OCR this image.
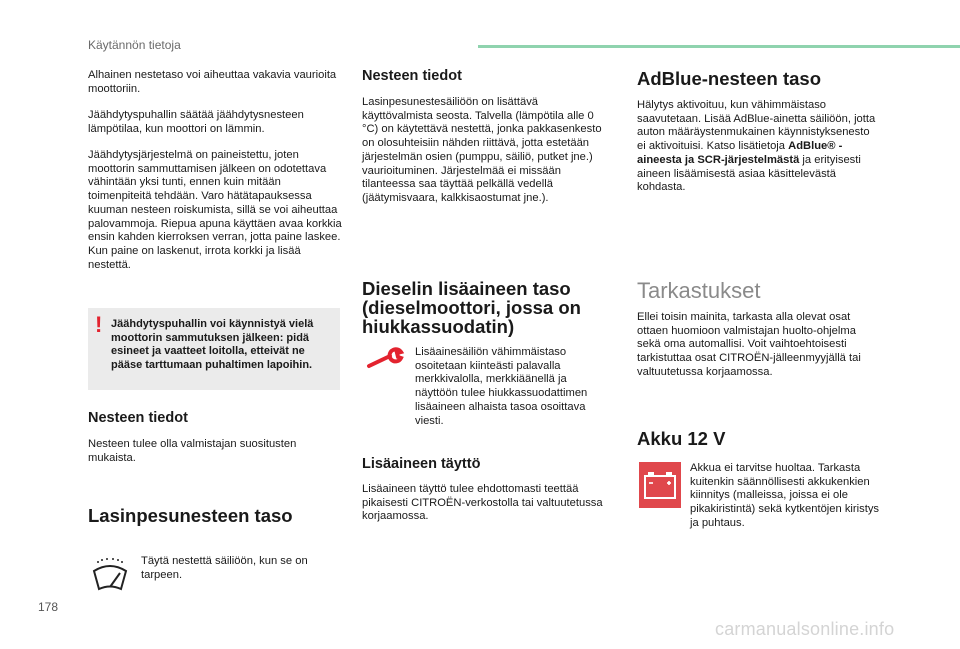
Käytännön tietoja

Alhainen nestetaso voi aiheuttaa vakavia vaurioita moottoriin.

Jäähdytyspuhallin säätää jäähdytysnesteen lämpötilaa, kun moottori on lämmin.

Jäähdytysjärjestelmä on paineistettu, joten moottorin sammuttamisen jälkeen on odotettava vähintään yksi tunti, ennen kuin mitään toimenpiteitä tehdään. Varo hätätapauksessa kuuman nesteen roiskumista, sillä se voi aiheuttaa palovammoja. Riepua apuna käyttäen avaa korkkia ensin kahden kierroksen verran, jotta paine laskee. Kun paine on laskenut, irrota korkki ja lisää nestettä.

! Jäähdytyspuhallin voi käynnistyä vielä moottorin sammutuksen jälkeen: pidä esineet ja vaatteet loitolla, etteivät ne pääse tarttumaan puhaltimen lapoihin.

Nesteen tiedot

Nesteen tulee olla valmistajan suositusten mukaista.

Lasinpesunesteen taso

Täytä nestettä säiliöön, kun se on tarpeen.

Nesteen tiedot

Lasinpesunestesäiliöön on lisättävä käyttövalmista seosta. Talvella (lämpötila alle 0 °C) on käytettävä nestettä, jonka pakkasenkesto on olosuhteisiin nähden riittävä, jotta estetään järjestelmän osien (pumppu, säiliö, putket jne.) vaurioituminen. Järjestelmää ei missään tilanteessa saa täyttää pelkällä vedellä (jäätymisvaara, kalkkisaostumat jne.).

Dieselin lisäaineen taso (dieselmoottori, jossa on hiukkassuodatin)

Lisäainesäiliön vähimmäistaso osoitetaan kiinteästi palavalla merkkivalolla, merkkiäänellä ja näyttöön tulee hiukkassuodattimen lisäaineen alhaista tasoa osoittava viesti.

Lisäaineen täyttö

Lisäaineen täyttö tulee ehdottomasti teettää pikaisesti CITROËN-verkostolla tai valtuutetussa korjaamossa.

AdBlue-nesteen taso

Hälytys aktivoituu, kun vähimmäistaso saavutetaan. Lisää AdBlue-ainetta säiliöön, jotta auton määräystenmukainen käynnistyksenesto ei aktivoituisi. Katso lisätietoja AdBlue® -aineesta ja SCR-järjestelmästä ja erityisesti aineen lisäämisestä asiaa käsittelevästä kohdasta.

Tarkastukset

Ellei toisin mainita, tarkasta alla olevat osat ottaen huomioon valmistajan huolto-ohjelma sekä oma automallisi. Voit vaihtoehtoisesti tarkistuttaa osat CITROËN-jälleenmyyjällä tai valtuutetussa korjaamossa.

Akku 12 V

Akkua ei tarvitse huoltaa. Tarkasta kuitenkin säännöllisesti akkukenkien kiinnitys (malleissa, joissa ei ole pikakiristintä) sekä kytkentöjen kiristys ja puhtaus.

178
carmanualsonline.info
